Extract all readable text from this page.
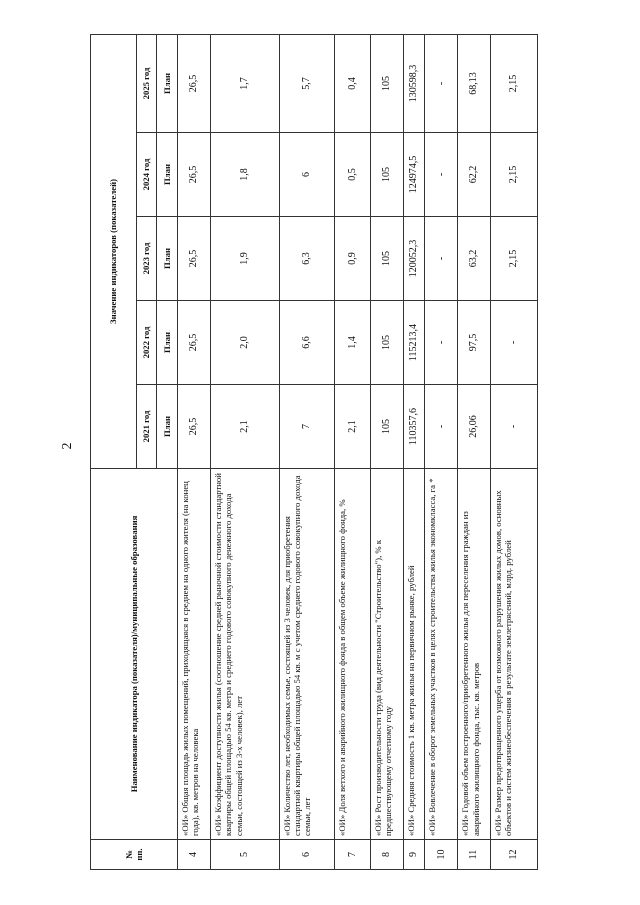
2
№ пп.	Наименование индикатора (показателя)/муниципальные образования	Значение индикаторов (показателей)				
		2021 год	2022 год	2023 год	2024 год	2025 год
		План	План	План	План	План
4	«ОИ» Общая площадь жилых помещений, приходящаяся в среднем на одного жителя (на конец года), кв. метров на человека	26,5	26,5	26,5	26,5	26,5
5	«ОИ» Коэффициент доступности жилья (соотношение средней рыночной стоимости стандартной квартиры общей площадью 54 кв. метра и среднего годового совокупного денежного дохода семьи, состоящей из 3-х человек), лет	2,1	2,0	1,9	1,8	1,7
6	«ОИ» Количество лет, необходимых семье, состоящей из 3 человек, для приобретения стандартной квартиры общей площадью 54 кв. м с учетом среднего годового совокупного дохода семьи, лет	7	6,6	6,3	6	5,7
7	«ОИ» Доля ветхого и аварийного жилищного фонда в общем объеме жилищного фонда, %	2,1	1,4	0,9	0,5	0,4
8	«ОИ» Рост производительности труда (вид деятельности "Строительство"), % к предшествующему отчетному году	105	105	105	105	105
9	«ОИ» Средняя стоимость 1 кв. метра жилья на первичном рынке, рублей	110357,6	115213,4	120052,3	124974,5	130598,3
10	«ОИ» Вовлечение в оборот земельных участков в целях строительства жилья экономкласса, га *	-	-	-	-	-
11	«ОИ» Годовой объем построенного/приобретенного жилья для переселения граждан из аварийного жилищного фонда, тыс. кв. метров	26,06	97,5	63,2	62,2	68,13
12	«ОИ» Размер предотвращенного ущерба от возможного разрушения жилых домов, основных объектов и систем жизнеобеспечения в результате землетрясений, млрд. рублей	-	-	2,15	2,15	2,15
